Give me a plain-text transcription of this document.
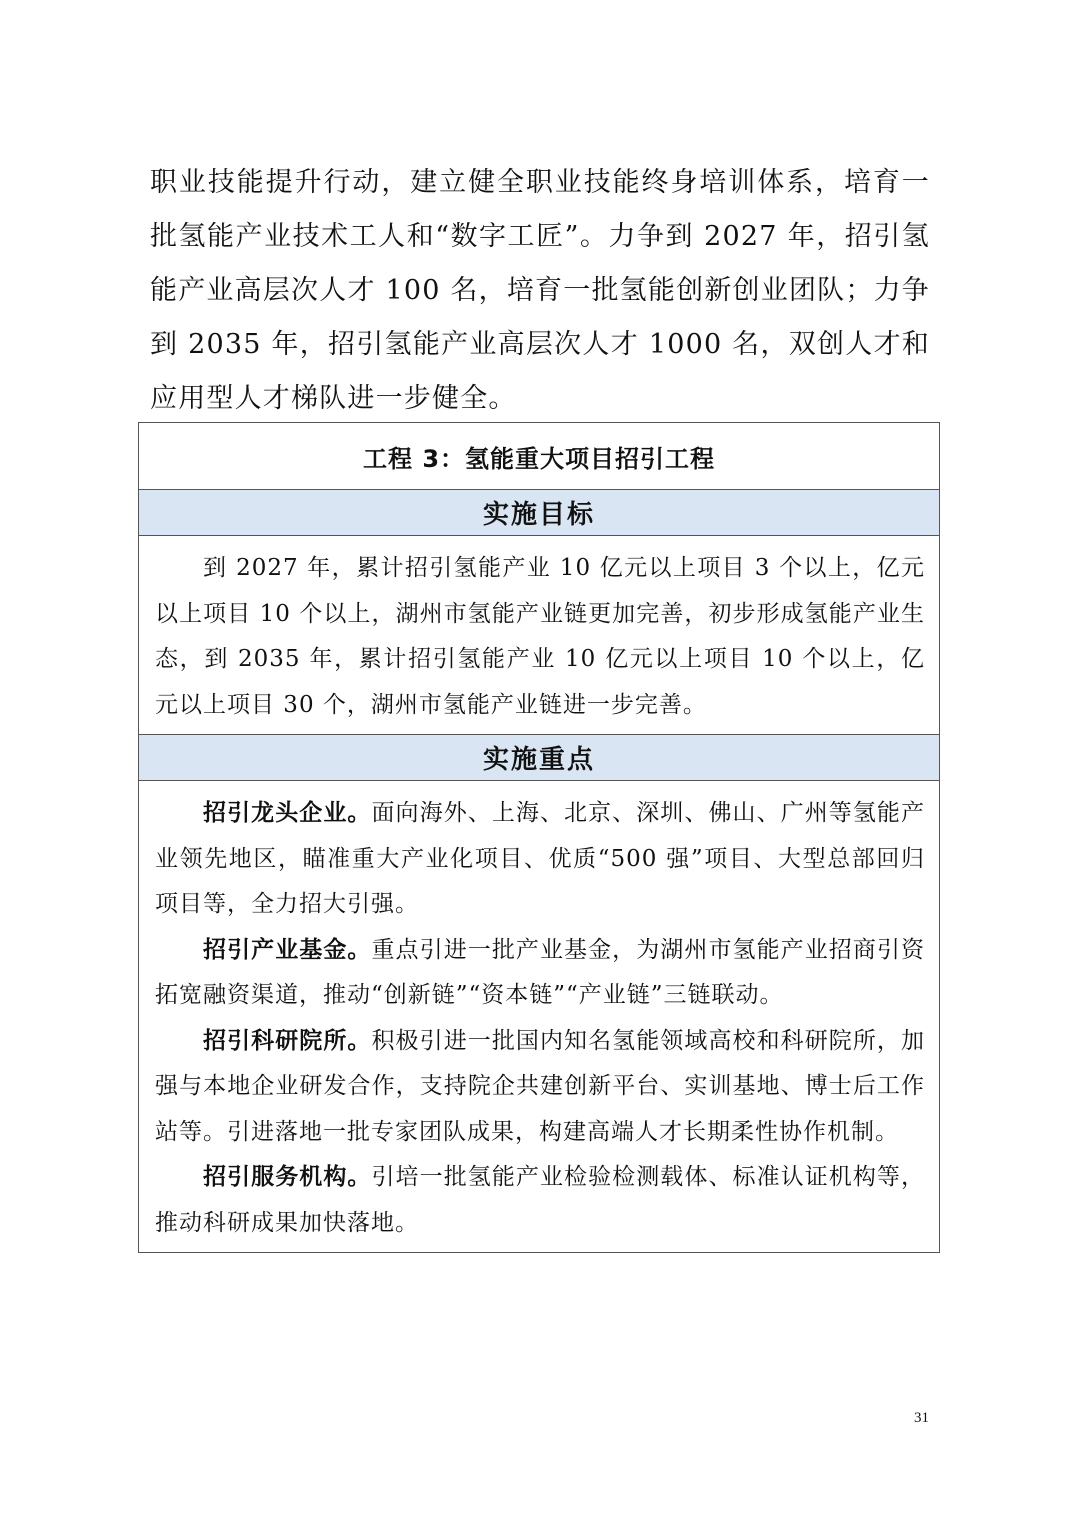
职业技能提升行动，建立健全职业技能终身培训体系，培育一批氢能产业技术工人和“数字工匠”。力争到 2027 年，招引氢能产业高层次人才 100 名，培育一批氢能创新创业团队；力争到 2035 年，招引氢能产业高层次人才 1000 名，双创人才和应用型人才梯队进一步健全。

工程 3：氢能重大项目招引工程
实施目标

到 2027 年，累计招引氢能产业 10 亿元以上项目 3 个以上，亿元以上项目 10 个以上，湖州市氢能产业链更加完善，初步形成氢能产业生态，到 2035 年，累计招引氢能产业 10 亿元以上项目 10 个以上，亿元以上项目 30 个，湖州市氢能产业链进一步完善。

实施重点

招引龙头企业。面向海外、上海、北京、深圳、佛山、广州等氢能产业领先地区，瞄准重大产业化项目、优质“500 强”项目、大型总部回归项目等，全力招大引强。

招引产业基金。重点引进一批产业基金，为湖州市氢能产业招商引资拓宽融资渠道，推动“创新链”“资本链”“产业链”三链联动。

招引科研院所。积极引进一批国内知名氢能领域高校和科研院所，加强与本地企业研发合作，支持院企共建创新平台、实训基地、博士后工作站等。引进落地一批专家团队成果，构建高端人才长期柔性协作机制。

招引服务机构。引培一批氢能产业检验检测载体、标准认证机构等，推动科研成果加快落地。

31
